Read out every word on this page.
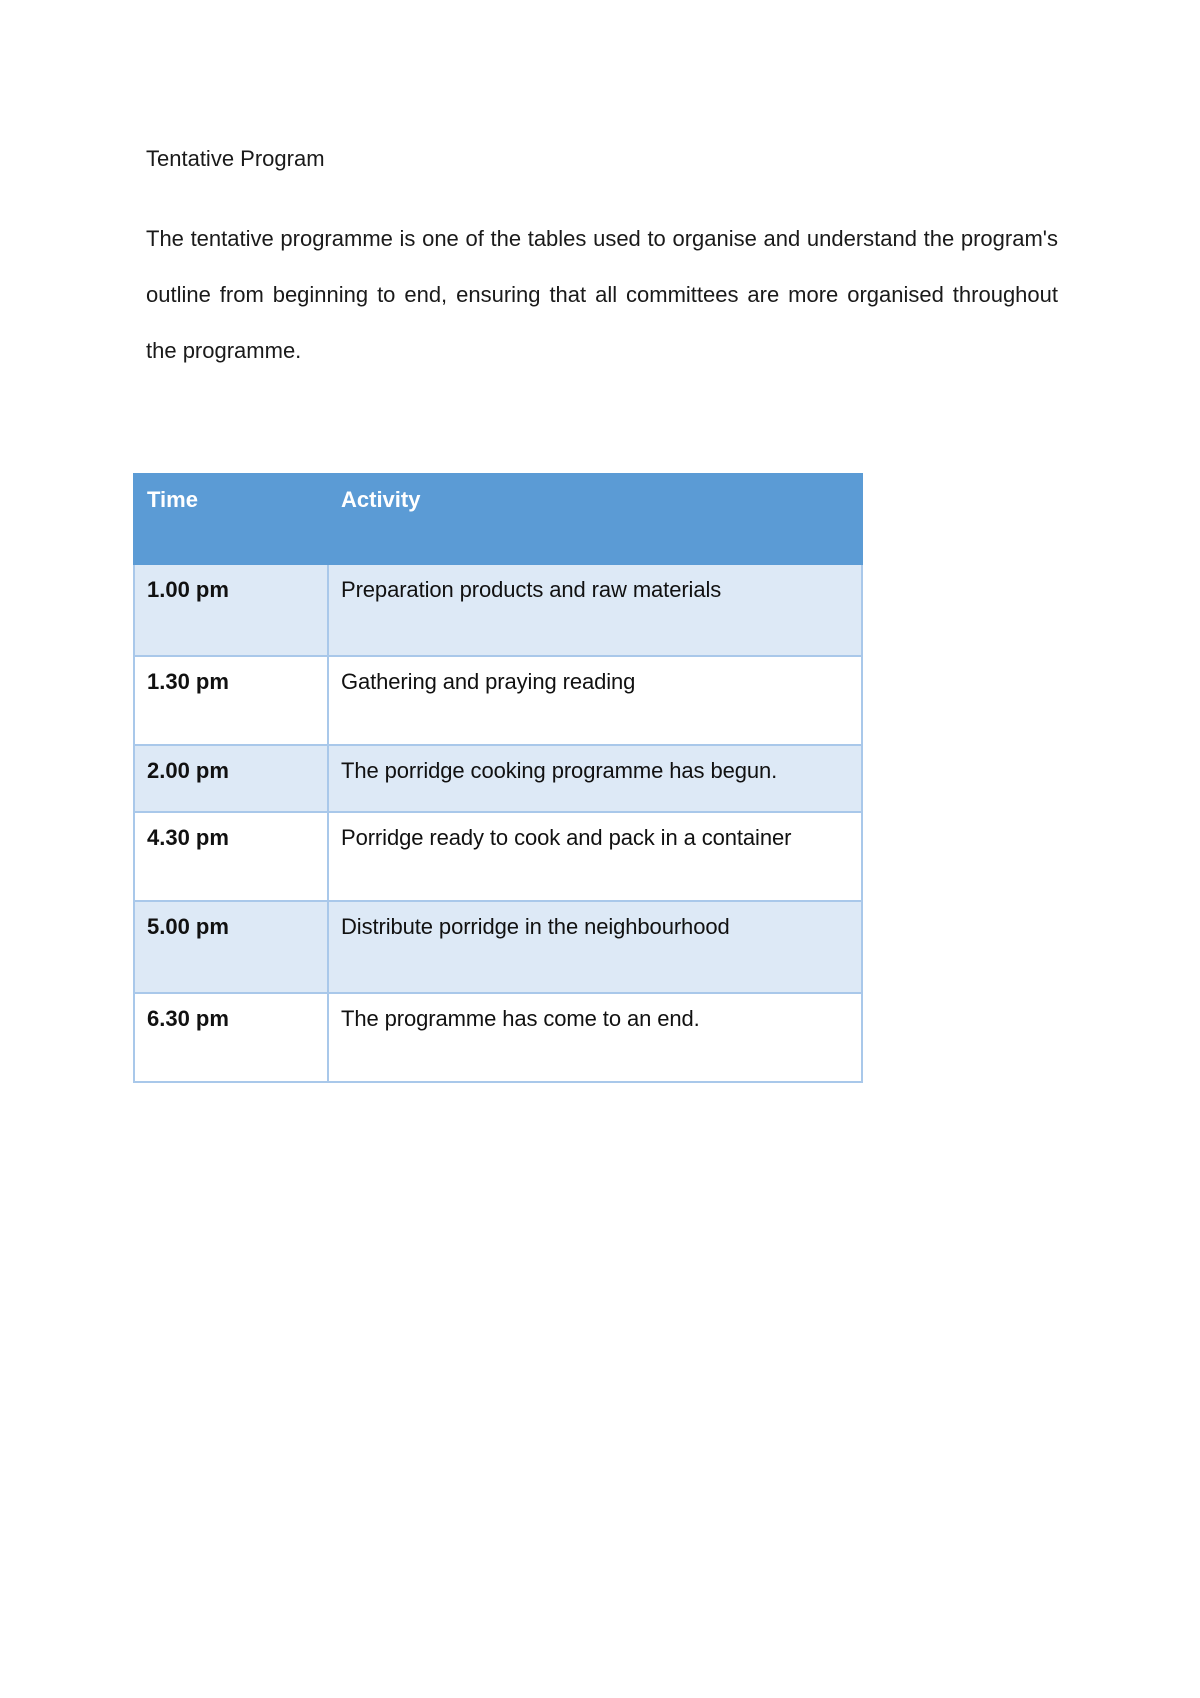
Tentative Program
The tentative programme is one of the tables used to organise and understand the program's outline from beginning to end, ensuring that all committees are more organised throughout the programme.
Time	Activity
1.00 pm	Preparation products and raw materials
1.30 pm	Gathering and praying reading
2.00 pm	The porridge cooking programme has begun.
4.30 pm	Porridge ready to cook and pack in a container
5.00 pm	Distribute porridge in the neighbourhood
6.30 pm	The programme has come to an end.
